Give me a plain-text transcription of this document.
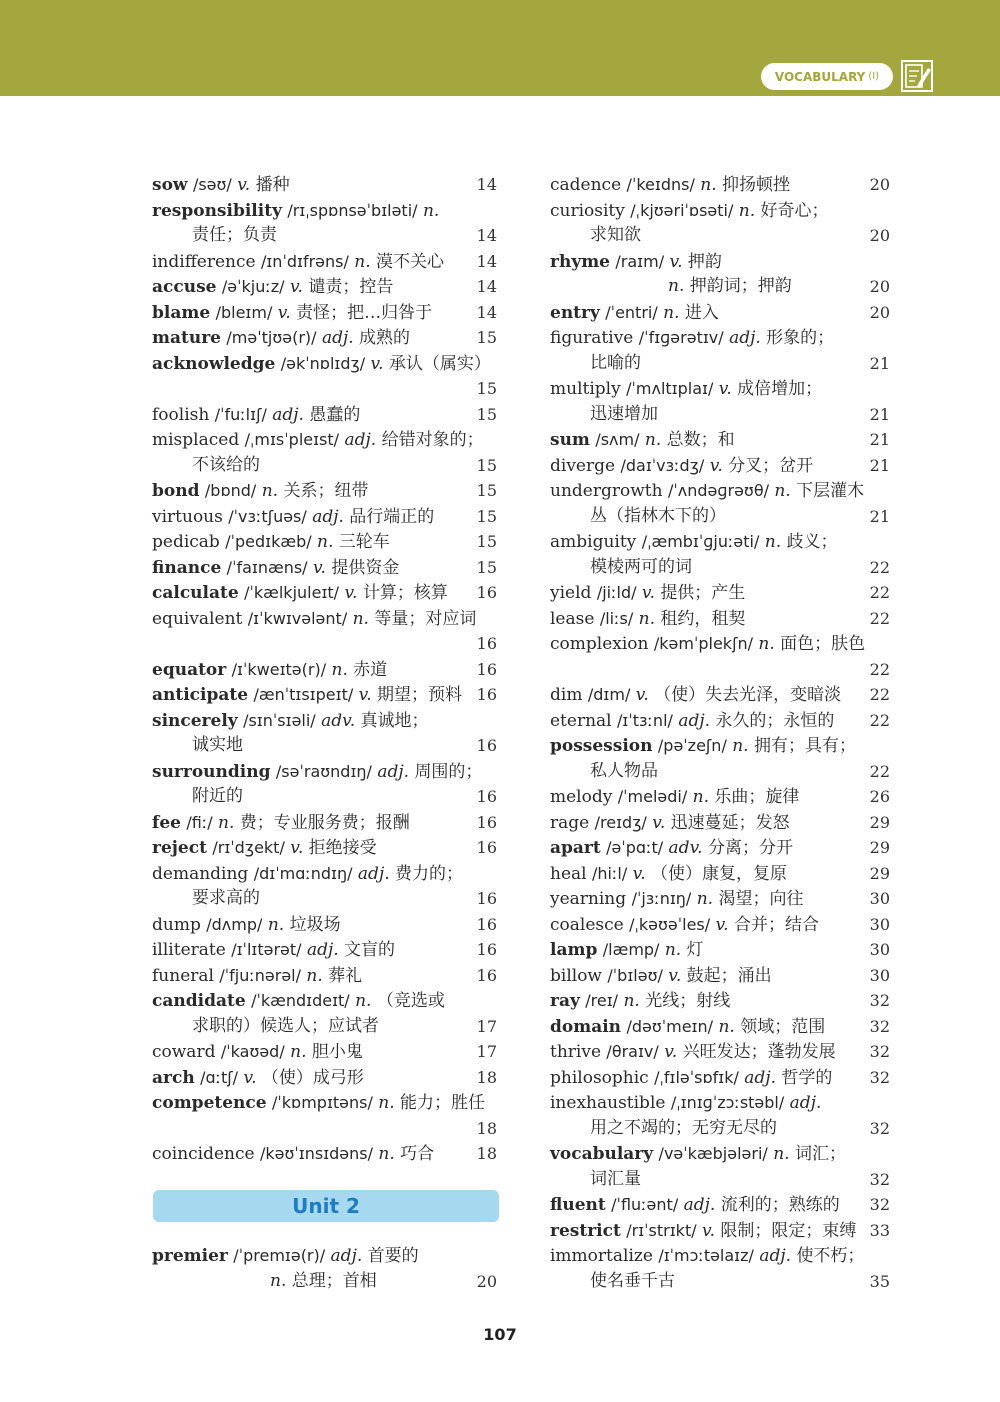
VOCABULARY (I)
sow /səʊ/ v. 播种	14
responsibility /rɪˌspɒnsəˈbɪləti/ n.
责任；负责	14
indifference /ɪnˈdɪfrəns/ n. 漠不关心 14
accuse /əˈkjuːz/ v. 谴责；控告	14
blame /bleɪm/ v. 责怪；把…归咎于	14
mature /məˈtjʊə(r)/ adj. 成熟的	15
acknowledge /əkˈnɒlɪdʒ/ v. 承认（属实）
15
foolish /ˈfuːlɪʃ/ adj. 愚蠢的	15
misplaced /ˌmɪsˈpleɪst/ adj. 给错对象的；
不该给的	15
bond /bɒnd/ n. 关系；纽带	15
virtuous /ˈvɜːtʃuəs/ adj. 品行端正的	15
pedicab /ˈpedɪkæb/ n. 三轮车	15
finance /ˈfaɪnæns/ v. 提供资金	15
calculate /ˈkælkjuleɪt/ v. 计算；核算 16
equivalent /ɪˈkwɪvələnt/ n. 等量；对应词
16
equator /ɪˈkweɪtə(r)/ n. 赤道	16
anticipate /ænˈtɪsɪpeɪt/ v. 期望；预料 16
sincerely /sɪnˈsɪəli/ adv. 真诚地；
诚实地	16
surrounding /səˈraʊndɪŋ/ adj. 周围的；
附近的	16
fee /fiː/ n. 费；专业服务费；报酬	16
reject /rɪˈdʒekt/ v. 拒绝接受	16
demanding /dɪˈmɑːndɪŋ/ adj. 费力的；
要求高的	16
dump /dʌmp/ n. 垃圾场	16
illiterate /ɪˈlɪtərət/ adj. 文盲的	16
funeral /ˈfjuːnərəl/ n. 葬礼	16
candidate /ˈkændɪdeɪt/ n. （竞选或
求职的）候选人；应试者	17
coward /ˈkaʊəd/ n. 胆小鬼	17
arch /ɑːtʃ/ v. （使）成弓形	18
competence /ˈkɒmpɪtəns/ n. 能力；胜任
18
coincidence /kəʊˈɪnsɪdəns/ n. 巧合	18
Unit 2
premier /ˈpremɪə(r)/ adj. 首要的
n. 总理；首相	20
cadence /ˈkeɪdns/ n. 抑扬顿挫	20
curiosity /ˌkjʊəriˈɒsəti/ n. 好奇心；
求知欲	20
rhyme /raɪm/ v. 押韵
n. 押韵词；押韵	20
entry /ˈentri/ n. 进入	20
figurative /ˈfɪɡərətɪv/ adj. 形象的；
比喻的	21
multiply /ˈmʌltɪplaɪ/ v. 成倍增加；
迅速增加	21
sum /sʌm/ n. 总数；和	21
diverge /daɪˈvɜːdʒ/ v. 分叉；岔开	21
undergrowth /ˈʌndəɡrəʊθ/ n. 下层灌木
丛（指林木下的）	21
ambiguity /ˌæmbɪˈɡjuːəti/ n. 歧义；
模棱两可的词	22
yield /jiːld/ v. 提供；产生	22
lease /liːs/ n. 租约，租契	22
complexion /kəmˈplekʃn/ n. 面色；肤色
22
dim /dɪm/ v. （使）失去光泽，变暗淡 22
eternal /ɪˈtɜːnl/ adj. 永久的；永恒的 22
possession /pəˈzeʃn/ n. 拥有；具有；
私人物品	22
melody /ˈmelədi/ n. 乐曲；旋律	26
rage /reɪdʒ/ v. 迅速蔓延；发怒	29
apart /əˈpɑːt/ adv. 分离；分开	29
heal /hiːl/ v. （使）康复，复原	29
yearning /ˈjɜːnɪŋ/ n. 渴望；向往	30
coalesce /ˌkəʊəˈles/ v. 合并；结合	30
lamp /læmp/ n. 灯	30
billow /ˈbɪləʊ/ v. 鼓起；涌出	30
ray /reɪ/ n. 光线；射线	32
domain /dəʊˈmeɪn/ n. 领域；范围	32
thrive /θraɪv/ v. 兴旺发达；蓬勃发展 32
philosophic /ˌfɪləˈsɒfɪk/ adj. 哲学的 32
inexhaustible /ˌɪnɪɡˈzɔːstəbl/ adj.
用之不竭的；无穷无尽的	32
vocabulary /vəˈkæbjələri/ n. 词汇；
词汇量	32
fluent /ˈfluːənt/ adj. 流利的；熟练的 32
restrict /rɪˈstrɪkt/ v. 限制；限定；束缚 33
immortalize /ɪˈmɔːtəlaɪz/ adj. 使不朽；
使名垂千古	35
107
